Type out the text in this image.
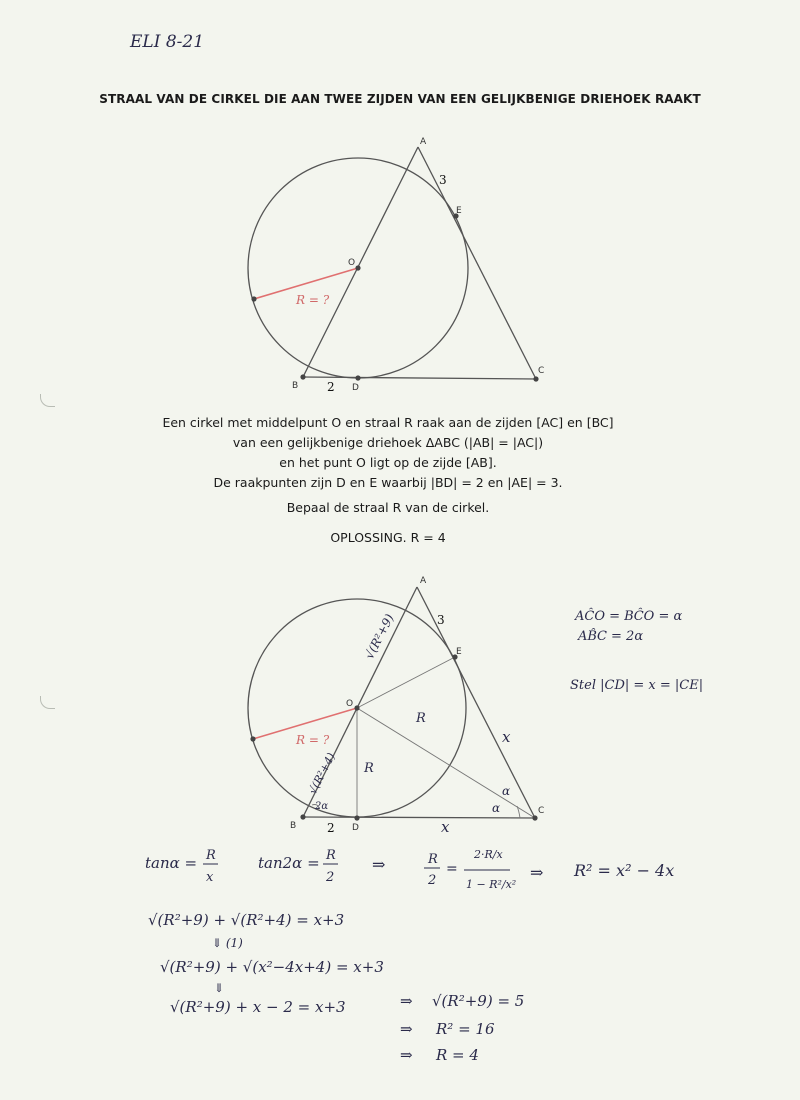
ELI 8-21
STRAAL VAN DE CIRKEL DIE AAN TWEE ZIJDEN VAN EEN GELIJKBENIGE DRIEHOEK RAAKT
A
B
C
D
E
O
3
2
R = ?
A
B
C
D
E
O
3
2
R = ?
√(R²+9)
√(R²+4)
R
R
x
x
α
α
2α
AĈO = BĈO = α
AB̂C = 2α
Stel |CD| = x = |CE|
tanα = R
x
tan2α = R
2
⇒	R
2
=
2·R/x
1 − R²/x²
⇒ R² = x² − 4x
√(R²+9) + √(R²+4) = x+3
⇓ (1)
√(R²+9) + √(x²−4x+4) = x+3
⇓
√(R²+9) + x − 2 = x+3	⇒ √(R²+9) = 5
⇒ R² = 16
⇒ R = 4
Een cirkel met middelpunt O en straal R raak aan de zijden [AC] en [BC]
van een gelijkbenige driehoek ΔABC (|AB| = |AC|)
en het punt O ligt op de zijde [AB].
De raakpunten zijn D en E waarbij |BD| = 2 en |AE| = 3.
Bepaal de straal R van de cirkel.
OPLOSSING. R = 4
